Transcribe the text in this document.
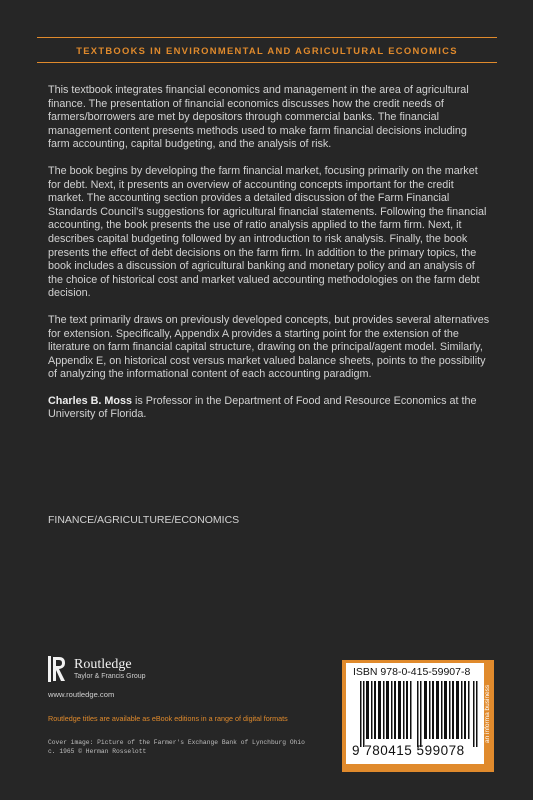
TEXTBOOKS IN ENVIRONMENTAL AND AGRICULTURAL ECONOMICS

This textbook integrates financial economics and management in the area of agricultural finance. The presentation of financial economics discusses how the credit needs of farmers/borrowers are met by depositors through commercial banks. The financial management content presents methods used to make farm financial decisions including farm accounting, capital budgeting, and the analysis of risk.

The book begins by developing the farm financial market, focusing primarily on the market for debt. Next, it presents an overview of accounting concepts important for the credit market. The accounting section provides a detailed discussion of the Farm Financial Standards Council's suggestions for agricultural financial statements. Following the financial accounting, the book presents the use of ratio analysis applied to the farm firm. Next, it describes capital budgeting followed by an introduction to risk analysis. Finally, the book presents the effect of debt decisions on the farm firm. In addition to the primary topics, the book includes a discussion of agricultural banking and monetary policy and an analysis of the choice of historical cost and market valued accounting methodologies on the farm debt decision.

The text primarily draws on previously developed concepts, but provides several alternatives for extension. Specifically, Appendix A provides a starting point for the extension of the literature on farm financial capital structure, drawing on the principal/agent model. Similarly, Appendix E, on historical cost versus market valued balance sheets, points to the possibility of analyzing the informational content of each accounting paradigm.

Charles B. Moss is Professor in the Department of Food and Resource Economics at the University of Florida.

FINANCE/AGRICULTURE/ECONOMICS
Routledge
Taylor & Francis Group
www.routledge.com
Routledge titles are available as eBook editions in a range of digital formats
Cover image: Picture of the Farmer's Exchange Bank of Lynchburg Ohio c. 1965 © Herman Rosselott
ISBN 978-0-415-59907-8
9 780415 599078
an informa business
